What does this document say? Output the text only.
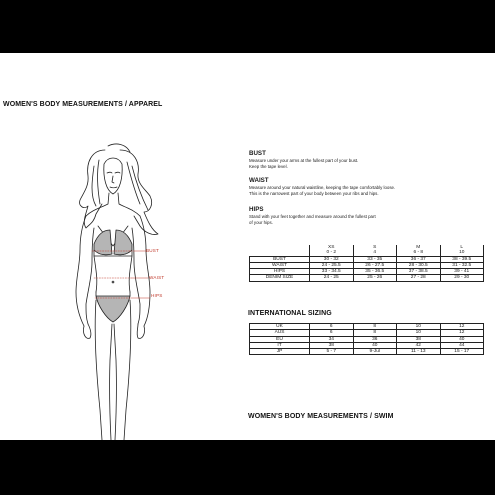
WOMEN'S BODY MEASUREMENTS / APPAREL
BUST
WAIST
HIPS

BUST

Measure under your arms at the fullest part of your bust.
Keep the tape level.

WAIST

Measure around your natural waistline, keeping the tape comfortably loose.
This is the narrowest part of your body between your ribs and hips.

HIPS

Stand with your feet together and measure around the fullest part
of your hips.

	XS	S	M	L
	0 - 2	4	6 - 8	10
BUST	30 - 32	33 - 35	36 - 37	38 - 39.5
WAIST	24 - 25.5	26 - 27.5	28 - 30.5	31 - 32.5
HIPS	33 - 34.5	35 - 36.5	37 - 38.5	39 - 41
DENIM SIZE	24 - 25	25 - 26	27 - 28	29 - 30
INTERNATIONAL SIZING
UK	6	8	10	12
AUS	6	8	10	12
EU	34	36	38	40
IT	38	40	42	44
JP	5 - 7	9-Jul	11 - 13	15 - 17
WOMEN'S BODY MEASUREMENTS / SWIM
